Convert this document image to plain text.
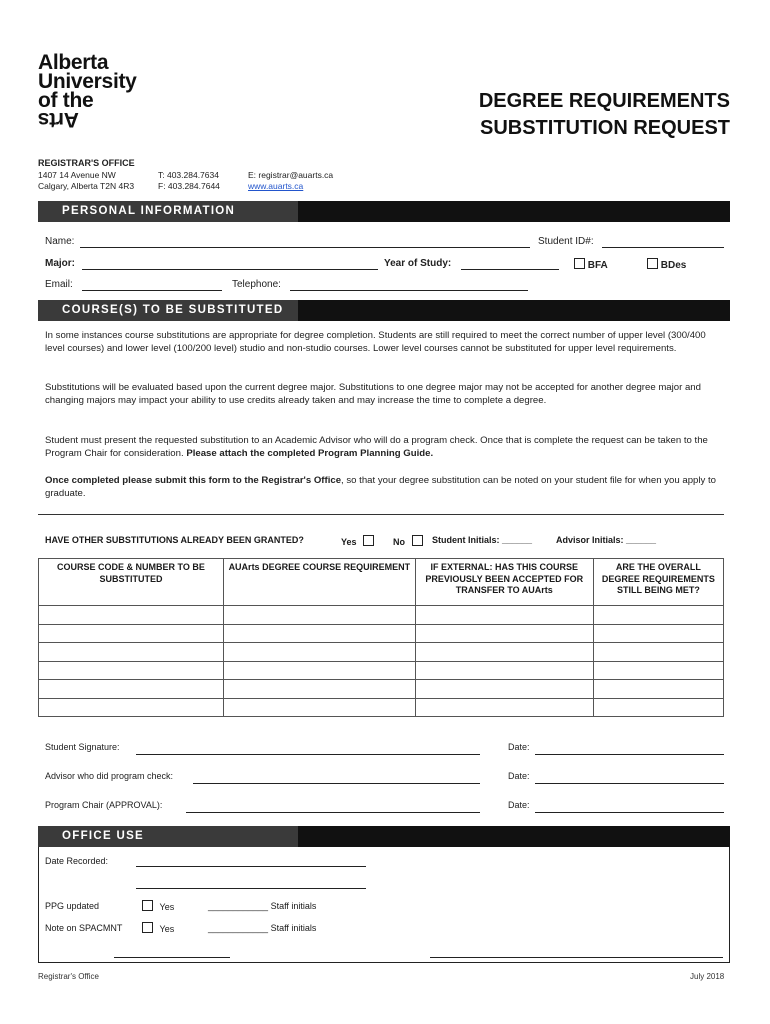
Alberta
University
of the
Arts
DEGREE REQUIREMENTS
SUBSTITUTION REQUEST
REGISTRAR'S OFFICE
1407 14 Avenue NW
Calgary, Alberta T2N 4R3
T: 403.284.7634
F: 403.284.7644
E: registrar@auarts.ca
www.auarts.ca
PERSONAL INFORMATION
Name:	Student ID#:
Major:	Year of Study:	BFA	BDes
Email:	Telephone:
COURSE(S) TO BE SUBSTITUTED
In some instances course substitutions are appropriate for degree completion. Students are still required to meet the correct number of upper level (300/400 level courses) and lower level (100/200 level) studio and non-studio courses. Lower level courses cannot be substituted for upper level requirements.
Substitutions will be evaluated based upon the current degree major. Substitutions to one degree major may not be accepted for another degree major and changing majors may impact your ability to use credits already taken and may increase the time to complete a degree.
Student must present the requested substitution to an Academic Advisor who will do a program check. Once that is complete the request can be taken to the Program Chair for consideration. Please attach the completed Program Planning Guide.
Once completed please submit this form to the Registrar's Office, so that your degree substitution can be noted on your student file for when you apply to graduate.
HAVE OTHER SUBSTITUTIONS ALREADY BEEN GRANTED?	Yes	No	Student Initials: ______	Advisor Initials: ______
COURSE CODE & NUMBER TO BE SUBSTITUTED	AUArts DEGREE COURSE REQUIREMENT	IF EXTERNAL: HAS THIS COURSE PREVIOUSLY BEEN ACCEPTED FOR TRANSFER TO AUArts	ARE THE OVERALL DEGREE REQUIREMENTS STILL BEING MET?

Student Signature:	Date:
Advisor who did program check:	Date:
Program Chair (APPROVAL):	Date:
OFFICE USE
Date Recorded:
PPG updated	Yes	____________ Staff initials
Note on SPACMNT	Yes	____________ Staff initials
Registrar's Office	July 2018
